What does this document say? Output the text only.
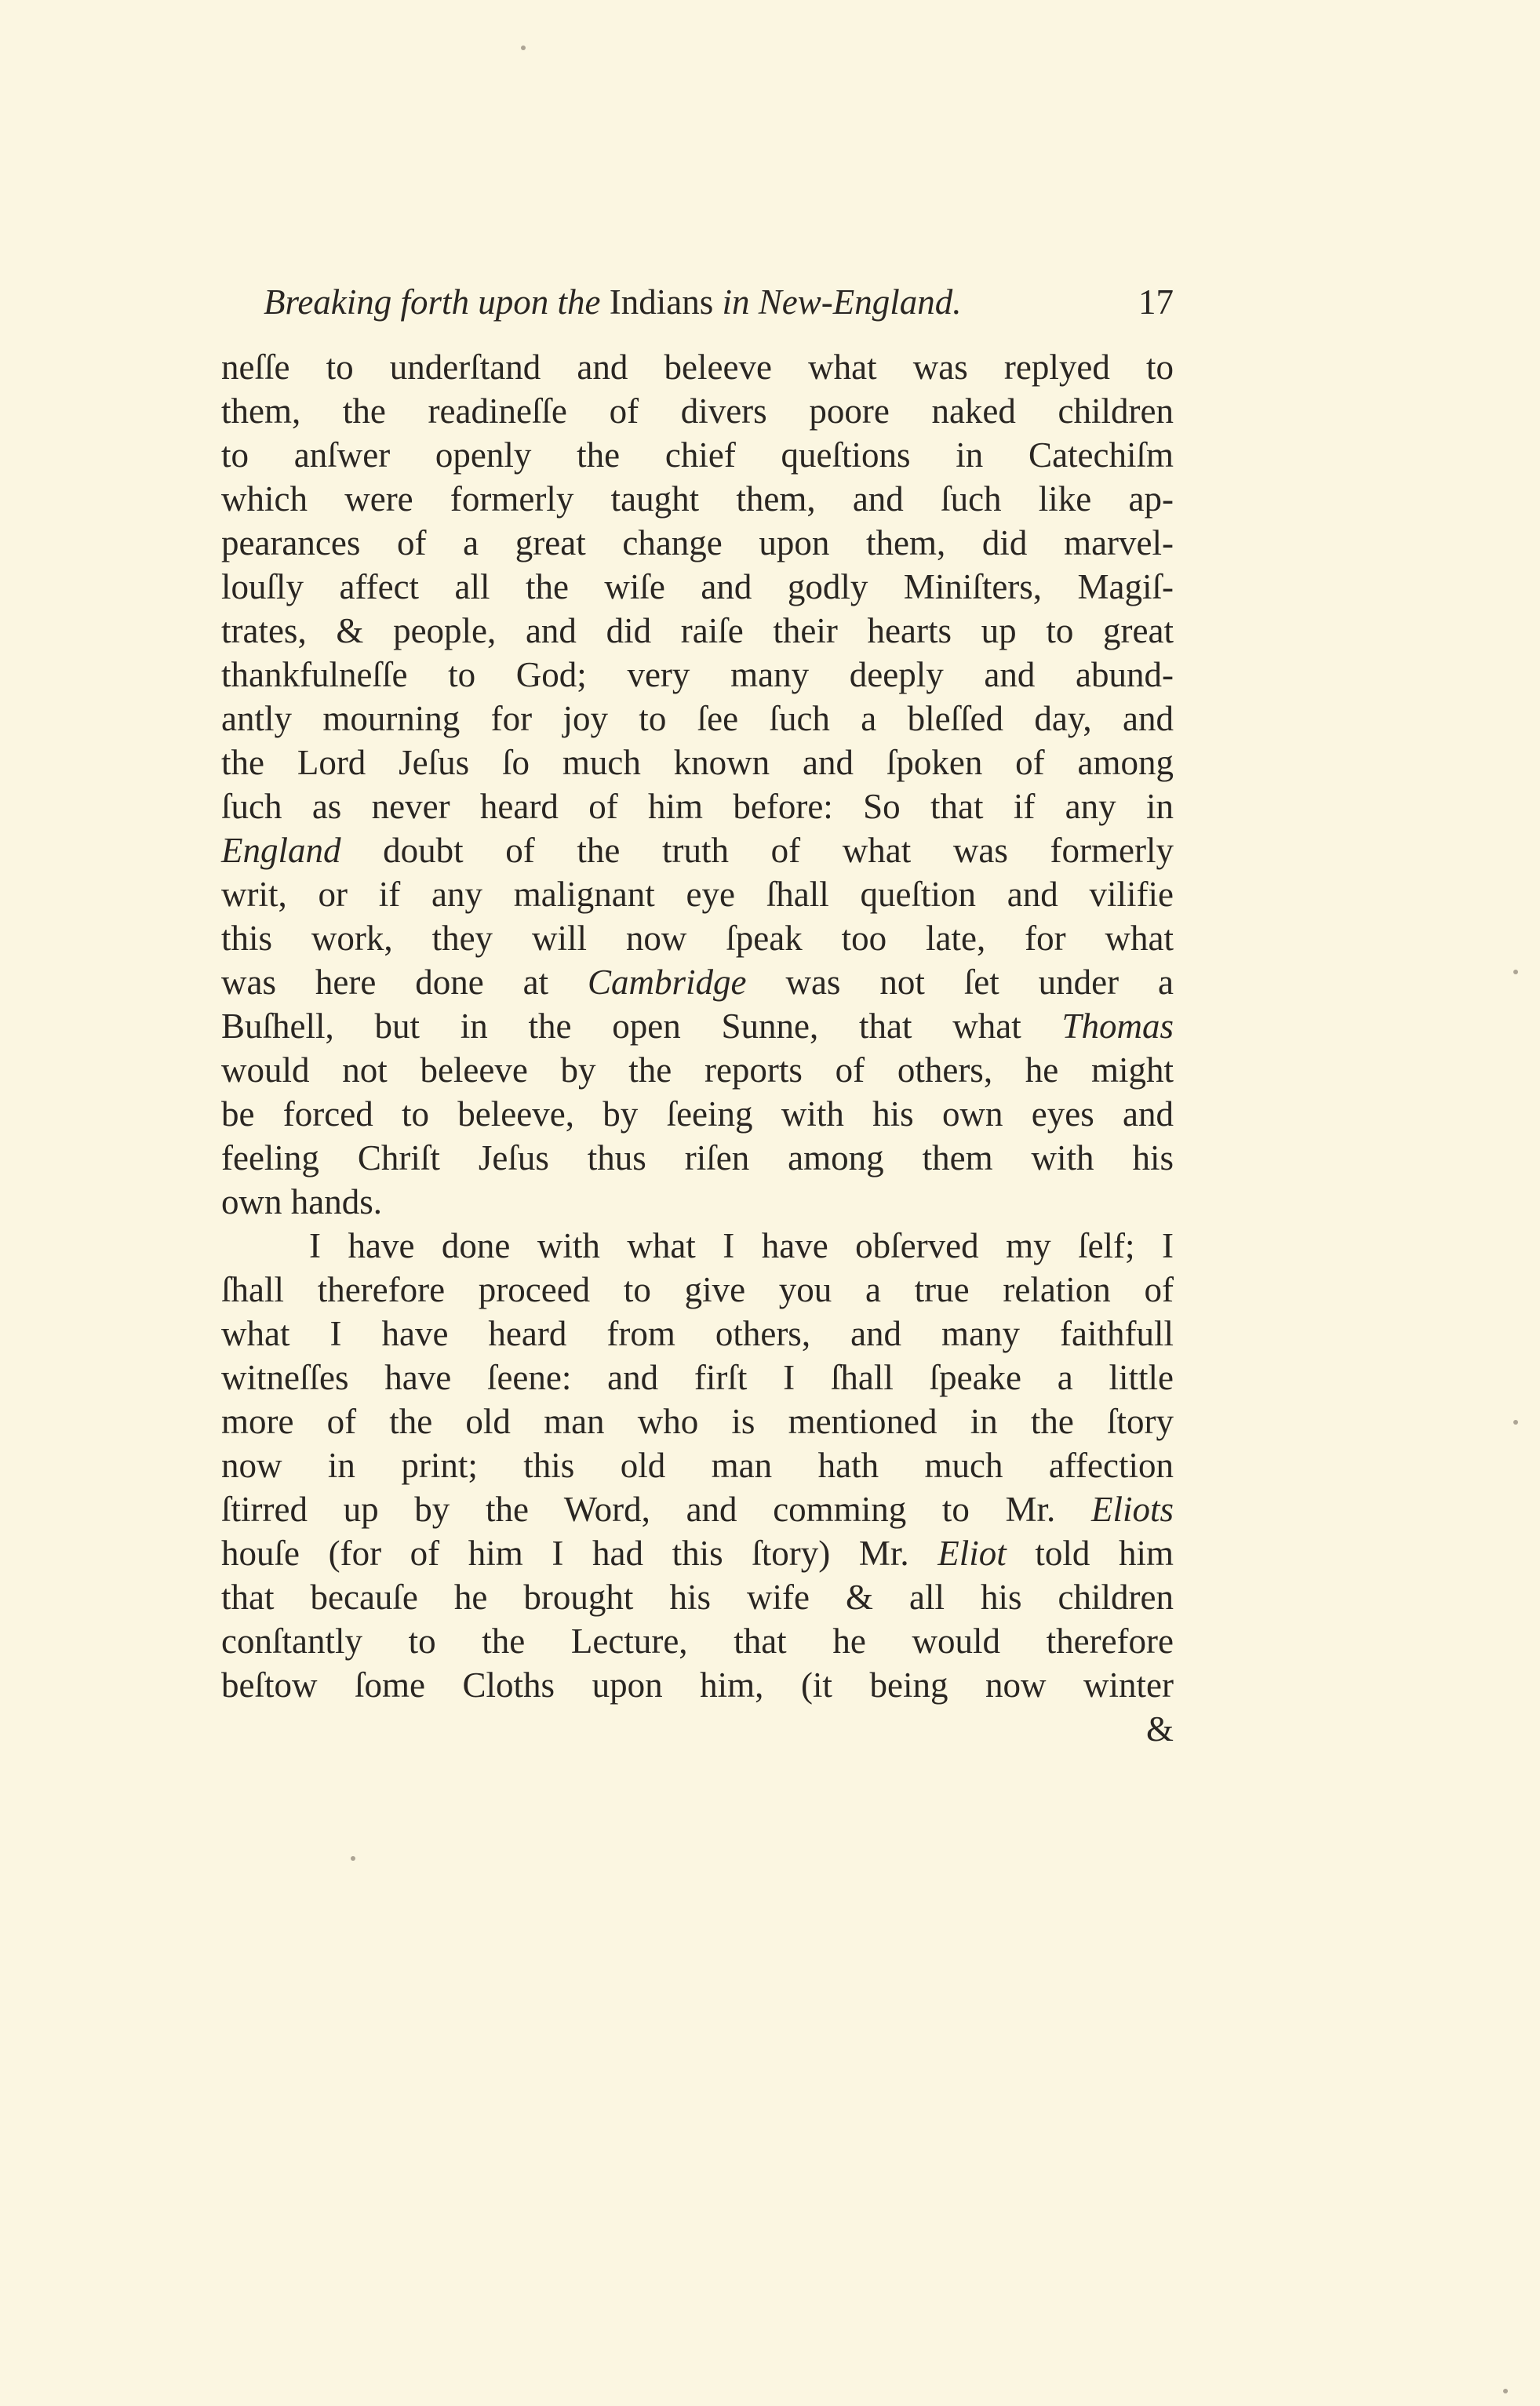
Breaking forth upon the Indians in New-England.	17
neſſe to underſtand and beleeve what was replyed to
them, the readineſſe of divers poore naked children
to anſwer openly the chief queſtions in Catechiſm
which were formerly taught them, and ſuch like ap-
pearances of a great change upon them, did marvel-
louſly affect all the wiſe and godly Miniſters, Magiſ-
trates, & people, and did raiſe their hearts up to great
thankfulneſſe to God; very many deeply and abund-
antly mourning for joy to ſee ſuch a bleſſed day, and
the Lord Jeſus ſo much known and ſpoken of among
ſuch as never heard of him before: So that if any in
England doubt of the truth of what was formerly
writ, or if any malignant eye ſhall queſtion and vilifie
this work, they will now ſpeak too late, for what
was here done at Cambridge was not ſet under a
Buſhell, but in the open Sunne, that what Thomas
would not beleeve by the reports of others, he might
be forced to beleeve, by ſeeing with his own eyes and
feeling Chriſt Jeſus thus riſen among them with his
own hands.
I have done with what I have obſerved my ſelf; I
ſhall therefore proceed to give you a true relation of
what I have heard from others, and many faithfull
witneſſes have ſeene: and firſt I ſhall ſpeake a little
more of the old man who is mentioned in the ſtory
now in print; this old man hath much affection
ſtirred up by the Word, and comming to Mr. Eliots
houſe (for of him I had this ſtory) Mr. Eliot told him
that becauſe he brought his wife & all his children
conſtantly to the Lecture, that he would therefore
beſtow ſome Cloths upon him, (it being now winter
&
